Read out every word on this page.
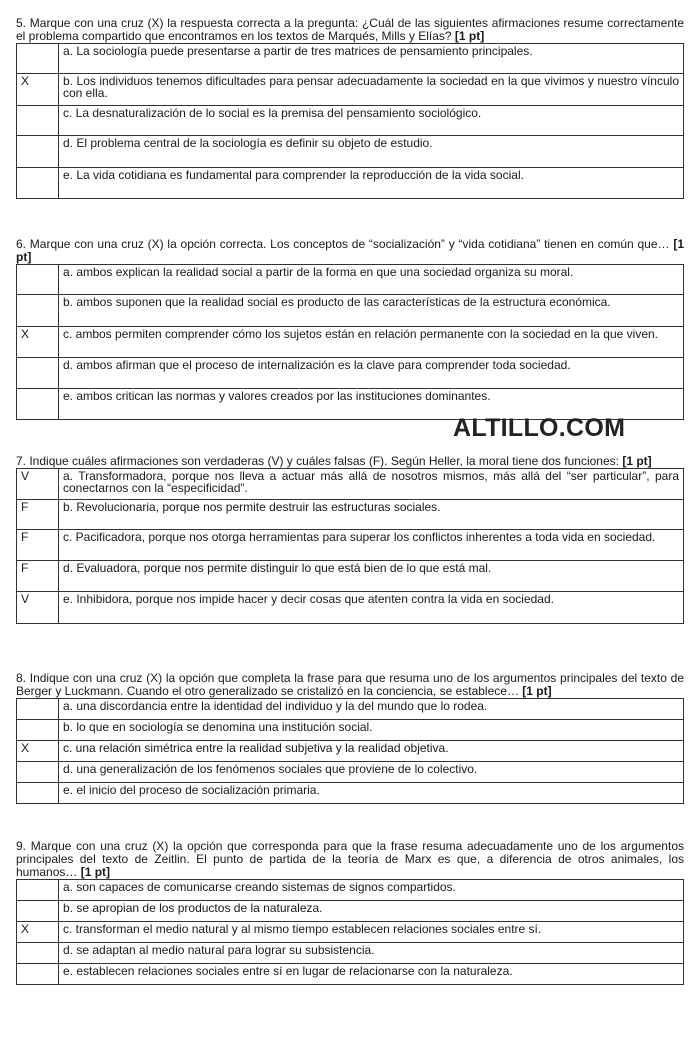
5. Marque con una cruz (X) la respuesta correcta a la pregunta: ¿Cuál de las siguientes afirmaciones resume correctamente el problema compartido que encontramos en los textos de Marqués, Mills y Elías? [1 pt]

	a. La sociología puede presentarse a partir de tres matrices de pensamiento principales.
X	b. Los individuos tenemos dificultades para pensar adecuadamente la sociedad en la que vivimos y nuestro vínculo con ella.
	c. La desnaturalización de lo social es la premisa del pensamiento sociológico.
	d. El problema central de la sociología es definir su objeto de estudio.
	e. La vida cotidiana es fundamental para comprender la reproducción de la vida social.

6. Marque con una cruz (X) la opción correcta. Los conceptos de “socialización” y “vida cotidiana” tienen en común que… [1 pt]

	a. ambos explican la realidad social a partir de la forma en que una sociedad organiza su moral.
	b. ambos suponen que la realidad social es producto de las características de la estructura económica.
X	c. ambos permiten comprender cómo los sujetos están en relación permanente con la sociedad en la que viven.
	d. ambos afirman que el proceso de internalización es la clave para comprender toda sociedad.
	e. ambos critican las normas y valores creados por las instituciones dominantes.
ALTILLO.COM

7. Indique cuáles afirmaciones son verdaderas (V) y cuáles falsas (F). Según Heller, la moral tiene dos funciones: [1 pt]

V	a. Transformadora, porque nos lleva a actuar más allá de nosotros mismos, más allá del “ser particular”, para conectarnos con la “especificidad”.
F	b. Revolucionaria, porque nos permite destruir las estructuras sociales.
F	c. Pacificadora, porque nos otorga herramientas para superar los conflictos inherentes a toda vida en sociedad.
F	d. Evaluadora, porque nos permite distinguir lo que está bien de lo que está mal.
V	e. Inhibidora, porque nos impide hacer y decir cosas que atenten contra la vida en sociedad.

8. Indique con una cruz (X) la opción que completa la frase para que resuma uno de los argumentos principales del texto de Berger y Luckmann. Cuando el otro generalizado se cristalizó en la conciencia, se establece… [1 pt]

	a. una discordancia entre la identidad del individuo y la del mundo que lo rodea.
	b. lo que en sociología se denomina una institución social.
X	c. una relación simétrica entre la realidad subjetiva y la realidad objetiva.
	d. una generalización de los fenómenos sociales que proviene de lo colectivo.
	e. el inicio del proceso de socialización primaria.

9. Marque con una cruz (X) la opción que corresponda para que la frase resuma adecuadamente uno de los argumentos principales del texto de Zeitlin. El punto de partida de la teoría de Marx es que, a diferencia de otros animales, los humanos… [1 pt]

	a. son capaces de comunicarse creando sistemas de signos compartidos.
	b. se apropian de los productos de la naturaleza.
X	c. transforman el medio natural y al mismo tiempo establecen relaciones sociales entre sí.
	d. se adaptan al medio natural para lograr su subsistencia.
	e. establecen relaciones sociales entre sí en lugar de relacionarse con la naturaleza.
